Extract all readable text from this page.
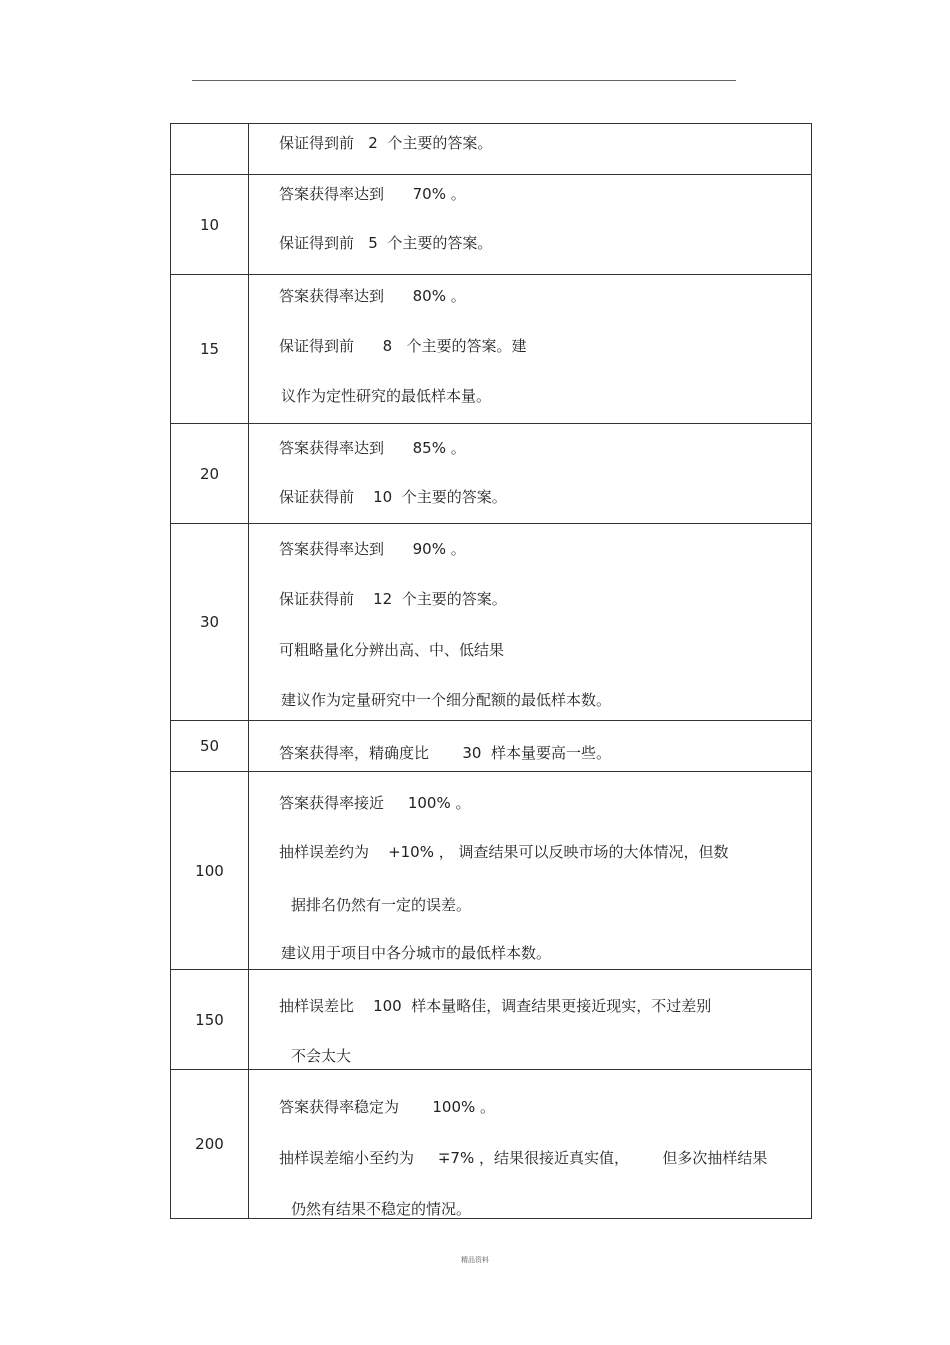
	保证得到前   2  个主要的答案。

10	答案获得率达到      70% 。
保证得到前   5  个主要的答案。

15	答案获得率达到      80% 。
保证得到前      8   个主要的答案。建
议作为定性研究的最低样本量。

20	答案获得率达到      85% 。
保证获得前    10  个主要的答案。

30	答案获得率达到      90% 。
保证获得前    12  个主要的答案。
可粗略量化分辨出高、中、低结果
建议作为定量研究中一个细分配额的最低样本数。

50	答案获得率，精确度比       30  样本量要高一些。

100	答案获得率接近     100% 。
抽样误差约为    +10% ， 调查结果可以反映市场的大体情况，但数
据排名仍然有一定的误差。
建议用于项目中各分城市的最低样本数。

150	抽样误差比    100  样本量略佳，调查结果更接近现实，不过差别
不会太大

200	答案获得率稳定为       100% 。
抽样误差缩小至约为     ∓7% ，结果很接近真实值，       但多次抽样结果
仍然有结果不稳定的情况。
精品资料
